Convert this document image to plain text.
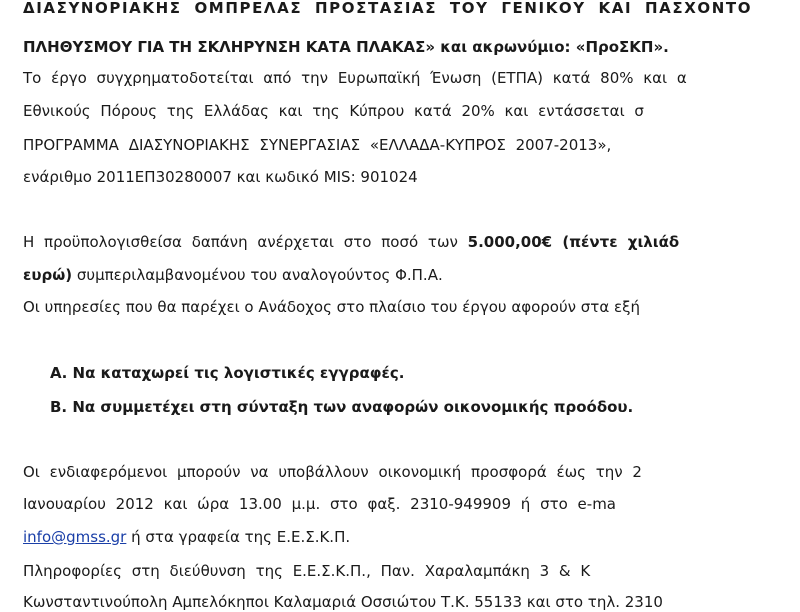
ΔΙΑΣΥΝΟΡΙΑΚΗΣ ΟΜΠΡΕΛΑΣ ΠΡΟΣΤΑΣΙΑΣ ΤΟΥ ΓΕΝΙΚΟΥ ΚΑΙ ΠΑΣΧΟΝΤΟ
ΠΛΗΘΥΣΜΟΥ ΓΙΑ ΤΗ ΣΚΛΗΡΥΝΣΗ ΚΑΤΑ ΠΛΑΚΑΣ» και ακρωνύμιο: «ΠροΣΚΠ».
Το έργο συγχρηματοδοτείται από την Ευρωπαϊκή Ένωση (ΕΤΠΑ) κατά 80% και α
Εθνικούς Πόρους της Ελλάδας και της Κύπρου κατά 20% και εντάσσεται σ
ΠΡΟΓΡΑΜΜΑ ΔΙΑΣΥΝΟΡΙΑΚΗΣ ΣΥΝΕΡΓΑΣΙΑΣ «ΕΛΛΑΔΑ-ΚΥΠΡΟΣ 2007-2013»,
ενάριθμο 2011ΕΠ30280007 και κωδικό MIS: 901024
Η προϋπολογισθείσα δαπάνη ανέρχεται στο ποσό των 5.000,00€ (πέντε χιλιάδ
ευρώ) συμπεριλαμβανομένου του αναλογούντος Φ.Π.Α.
Οι υπηρεσίες που θα παρέχει ο Ανάδοχος στο πλαίσιο του έργου αφορούν στα εξή
Α. Να καταχωρεί τις λογιστικές εγγραφές.
Β. Να συμμετέχει στη σύνταξη των αναφορών οικονομικής προόδου.
Οι ενδιαφερόμενοι μπορούν να υποβάλλουν οικονομική προσφορά έως την 2
Ιανουαρίου 2012 και ώρα 13.00 μ.μ. στο φαξ. 2310-949909 ή στο e-ma
info@gmss.gr ή στα γραφεία της Ε.Ε.Σ.Κ.Π.
Πληροφορίες στη διεύθυνση της Ε.Ε.Σ.Κ.Π., Παν. Χαραλαμπάκη 3 & Κ
Κωνσταντινούπολη Αμπελόκηποι Καλαμαριά Οσσιώτου Τ.Κ. 55133 και στο τηλ. 2310
